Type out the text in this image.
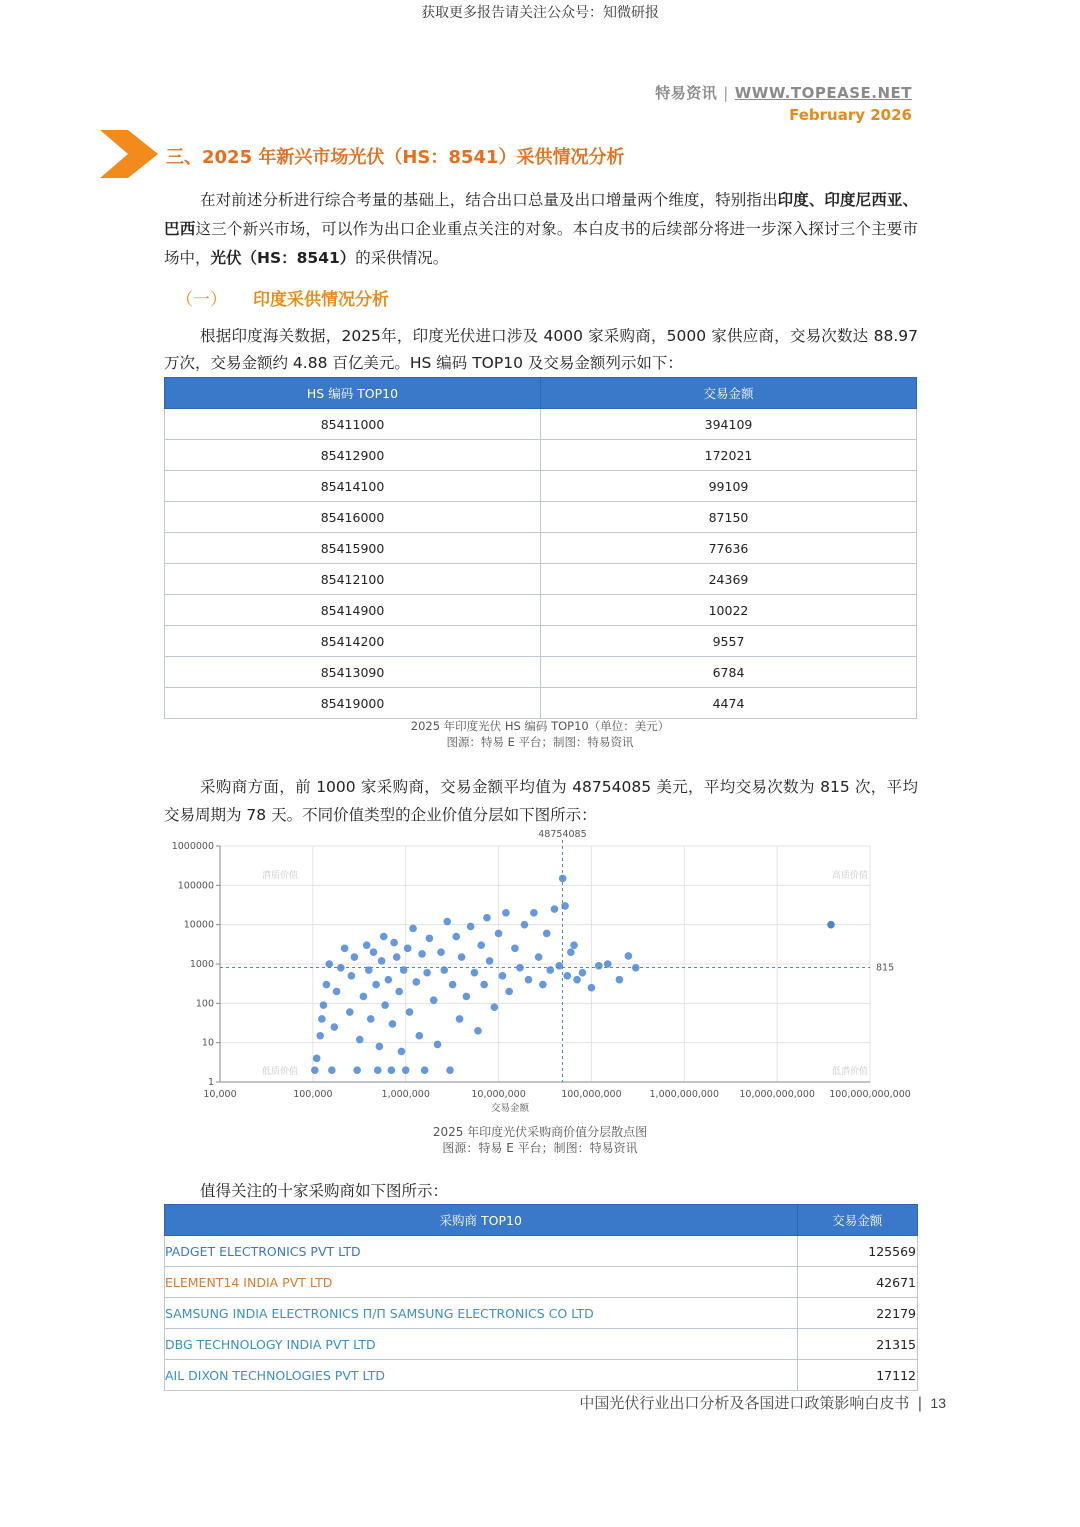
获取更多报告请关注公众号：知微研报
特易资讯 | WWW.TOPEASE.NET
February 2026
三、2025 年新兴市场光伏（HS：8541）采供情况分析
在对前述分析进行综合考量的基础上，结合出口总量及出口增量两个维度，特别指出印度、印度尼西亚、巴西这三个新兴市场，可以作为出口企业重点关注的对象。本白皮书的后续部分将进一步深入探讨三个主要市场中，光伏（HS：8541）的采供情况。
（一） 印度采供情况分析
根据印度海关数据，2025年，印度光伏进口涉及 4000 家采购商，5000 家供应商，交易次数达 88.97 万次，交易金额约 4.88 百亿美元。HS 编码 TOP10 及交易金额列示如下：
HS 编码 TOP10	交易金额
85411000	394109
85412900	172021
85414100	99109
85416000	87150
85415900	77636
85412100	24369
85414900	10022
85414200	9557
85413090	6784
85419000	4474
2025 年印度光伏 HS 编码 TOP10（单位：美元）
图源：特易 E 平台；制图：特易资讯
采购商方面，前 1000 家采购商，交易金额平均值为 48754085 美元，平均交易次数为 815 次，平均交易周期为 78 天。不同价值类型的企业价值分层如下图所示：
10,000	100,000	1,000,000	10,000,000	100,000,000	1,000,000,000 10,000,000,000 100,000,000,000
1
10
100
1000
10000
100000
1000000
交易金额
潜质价值	高质价值
低质价值	低潜价值
48754085
815
2025 年印度光伏采购商价值分层散点图
图源：特易 E 平台；制图：特易资讯
值得关注的十家采购商如下图所示：
采购商 TOP10	交易金额
PADGET ELECTRONICS PVT LTD	125569
ELEMENT14 INDIA PVT LTD	42671
SAMSUNG INDIA ELECTRONICS П/П SAMSUNG ELECTRONICS CO LTD	22179
DBG TECHNOLOGY INDIA PVT LTD	21315
AIL DIXON TECHNOLOGIES PVT LTD	17112
中国光伏行业出口分析及各国进口政策影响白皮书 | 13
